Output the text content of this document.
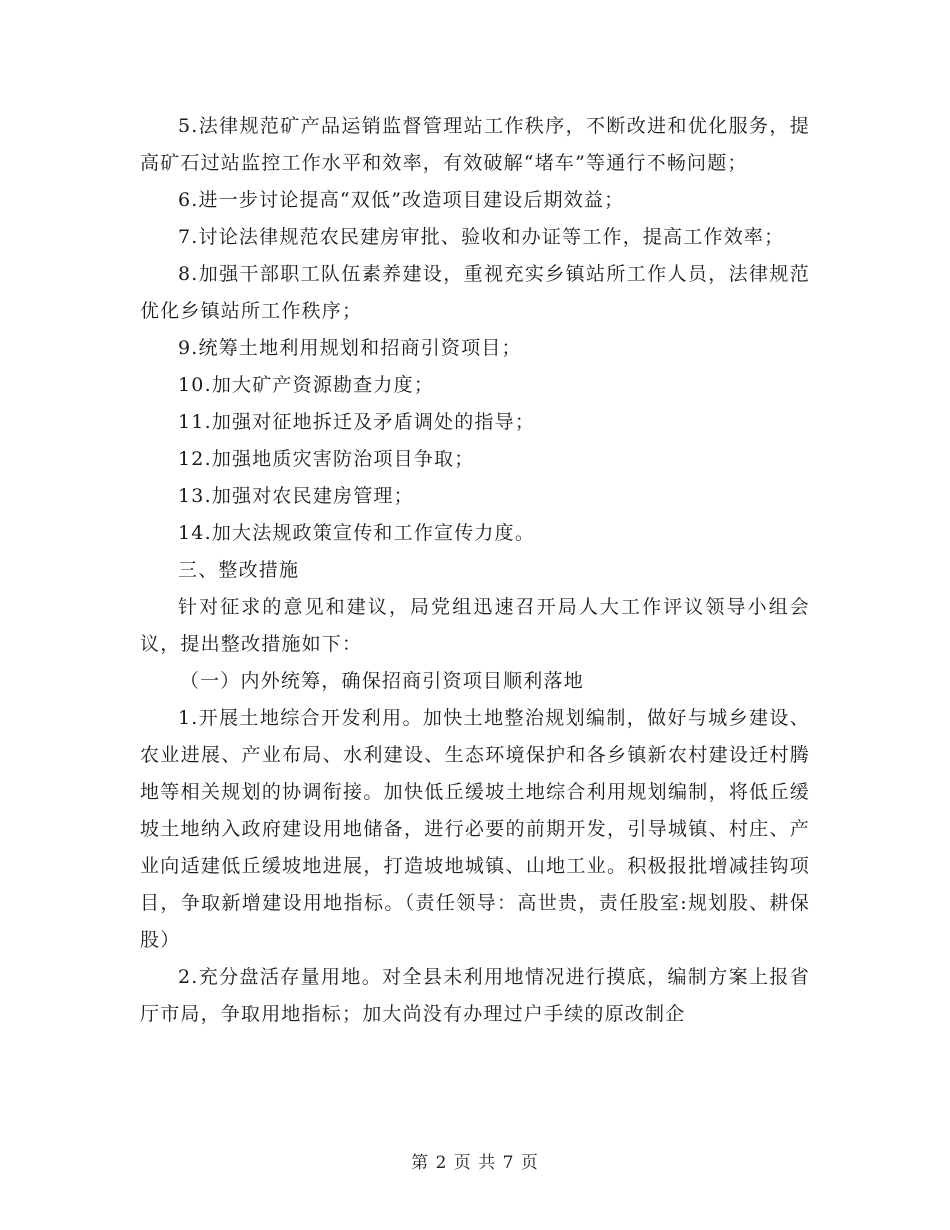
5.法律规范矿产品运销监督管理站工作秩序，不断改进和优化服务，提高矿石过站监控工作水平和效率，有效破解“堵车”等通行不畅问题；

6.进一步讨论提高“双低”改造项目建设后期效益；

7.讨论法律规范农民建房审批、验收和办证等工作，提高工作效率；

8.加强干部职工队伍素养建设，重视充实乡镇站所工作人员，法律规范优化乡镇站所工作秩序；

9.统筹土地利用规划和招商引资项目；

10.加大矿产资源勘查力度；

11.加强对征地拆迁及矛盾调处的指导；

12.加强地质灾害防治项目争取；

13.加强对农民建房管理；

14.加大法规政策宣传和工作宣传力度。

三、整改措施

针对征求的意见和建议，局党组迅速召开局人大工作评议领导小组会议，提出整改措施如下：

（一）内外统筹，确保招商引资项目顺利落地

1.开展土地综合开发利用。加快土地整治规划编制，做好与城乡建设、农业进展、产业布局、水利建设、生态环境保护和各乡镇新农村建设迁村腾地等相关规划的协调衔接。加快低丘缓坡土地综合利用规划编制，将低丘缓坡土地纳入政府建设用地储备，进行必要的前期开发，引导城镇、村庄、产业向适建低丘缓坡地进展，打造坡地城镇、山地工业。积极报批增减挂钩项目，争取新增建设用地指标。（责任领导：高世贵，责任股室:规划股、耕保股）

2.充分盘活存量用地。对全县未利用地情况进行摸底，编制方案上报省厅市局，争取用地指标；加大尚没有办理过户手续的原改制企

第 2 页 共 7 页
